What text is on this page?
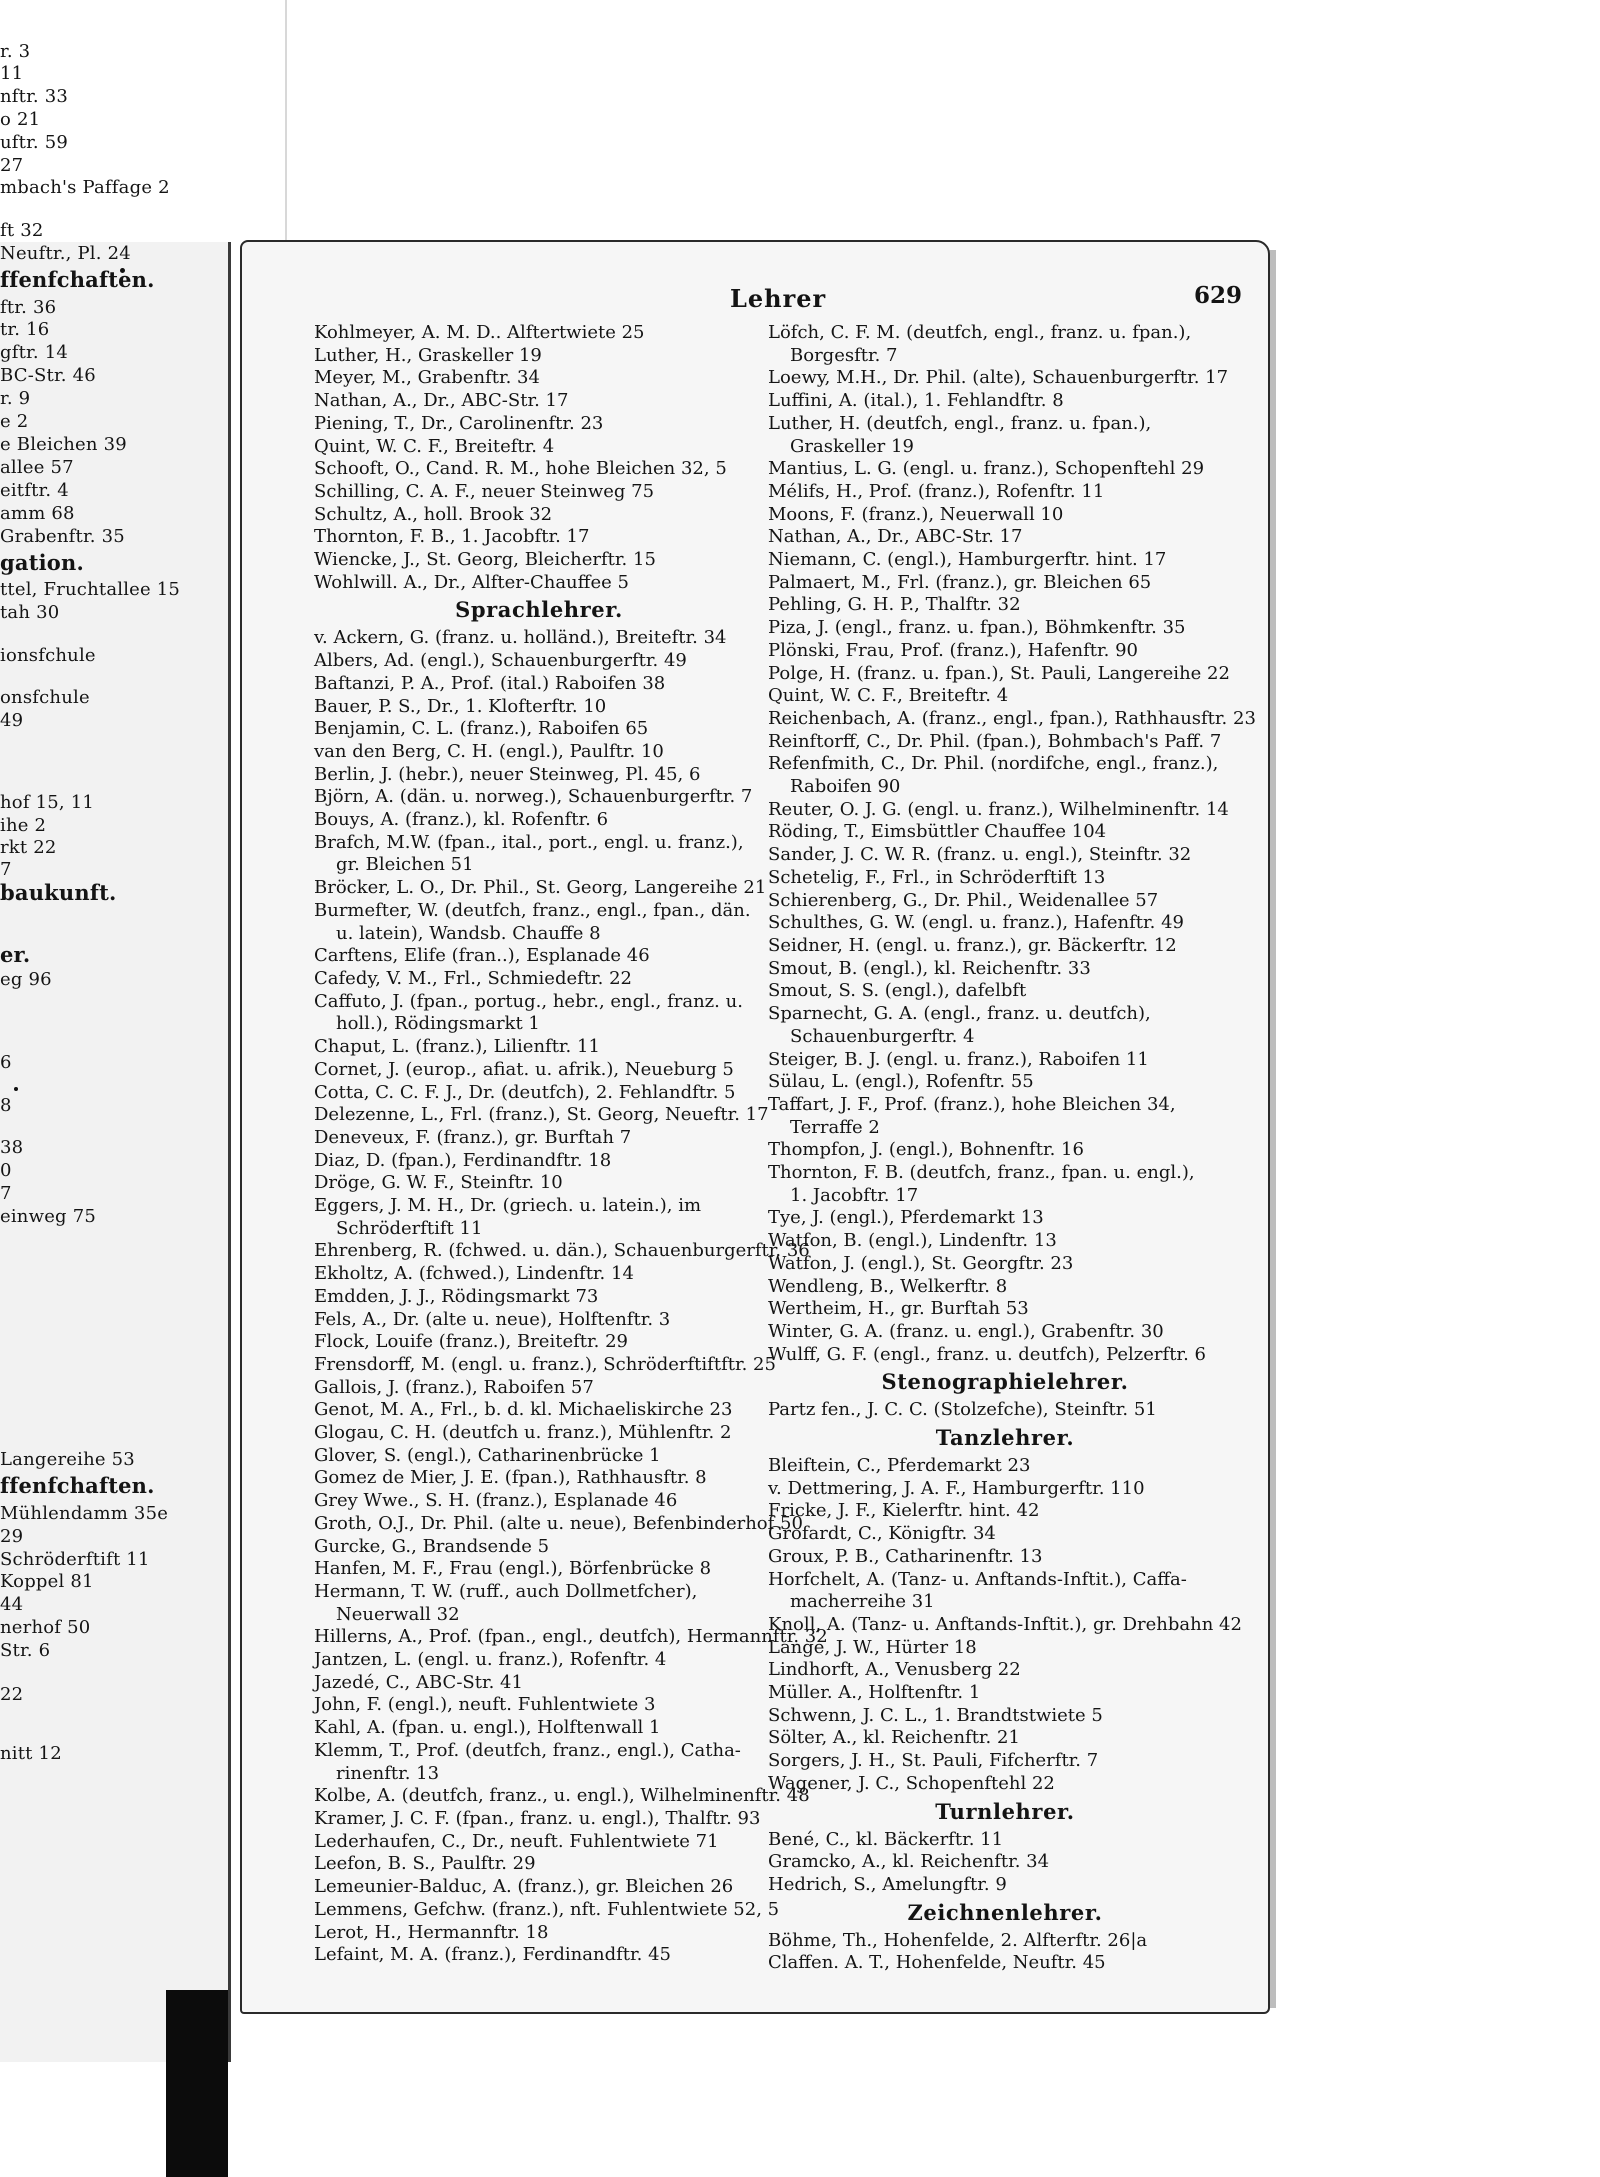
r. 3
11
nftr. 33
o 21
uftr. 59
27
mbach's Paffage 2
ft 32
Neuftr., Pl. 24
ffenfchaften.
ftr. 36
tr. 16
gftr. 14
BC-Str. 46
r. 9
e 2
e Bleichen 39
allee 57
eitftr. 4
amm 68
Grabenftr. 35
gation.
ttel, Fruchtallee 15
tah 30
ionsfchule
onsfchule
49
hof 15, 11
ihe 2
rkt 22
7
baukunft.
er.
eg 96
6
8
38
0
7
einweg 75
Langereihe 53
ffenfchaften.
Mühlendamm 35e
29
Schröderftift 11
Koppel 81
44
nerhof 50
Str. 6
22
nitt 12
Lehrer	629
Kohlmeyer, A. M. D.. Alftertwiete 25
Luther, H., Graskeller 19
Meyer, M., Grabenftr. 34
Nathan, A., Dr., ABC-Str. 17
Piening, T., Dr., Carolinenftr. 23
Quint, W. C. F., Breiteftr. 4
Schooft, O., Cand. R. M., hohe Bleichen 32, 5
Schilling, C. A. F., neuer Steinweg 75
Schultz, A., holl. Brook 32
Thornton, F. B., 1. Jacobftr. 17
Wiencke, J., St. Georg, Bleicherftr. 15
Wohlwill. A., Dr., Alfter-Chauffee 5
Sprachlehrer.
v. Ackern, G. (franz. u. holländ.), Breiteftr. 34
Albers, Ad. (engl.), Schauenburgerftr. 49
Baftanzi, P. A., Prof. (ital.) Raboifen 38
Bauer, P. S., Dr., 1. Klofterftr. 10
Benjamin, C. L. (franz.), Raboifen 65
van den Berg, C. H. (engl.), Paulftr. 10
Berlin, J. (hebr.), neuer Steinweg, Pl. 45, 6
Björn, A. (dän. u. norweg.), Schauenburgerftr. 7
Bouys, A. (franz.), kl. Rofenftr. 6
Brafch, M.W. (fpan., ital., port., engl. u. franz.),
gr. Bleichen 51
Bröcker, L. O., Dr. Phil., St. Georg, Langereihe 21
Burmefter, W. (deutfch, franz., engl., fpan., dän.
u. latein), Wandsb. Chauffe 8
Carftens, Elife (fran..), Esplanade 46
Cafedy, V. M., Frl., Schmiedeftr. 22
Caffuto, J. (fpan., portug., hebr., engl., franz. u.
holl.), Rödingsmarkt 1
Chaput, L. (franz.), Lilienftr. 11
Cornet, J. (europ., afiat. u. afrik.), Neueburg 5
Cotta, C. C. F. J., Dr. (deutfch), 2. Fehlandftr. 5
Delezenne, L., Frl. (franz.), St. Georg, Neueftr. 17
Deneveux, F. (franz.), gr. Burftah 7
Diaz, D. (fpan.), Ferdinandftr. 18
Dröge, G. W. F., Steinftr. 10
Eggers, J. M. H., Dr. (griech. u. latein.), im
Schröderftift 11
Ehrenberg, R. (fchwed. u. dän.), Schauenburgerftr. 36
Ekholtz, A. (fchwed.), Lindenftr. 14
Emdden, J. J., Rödingsmarkt 73
Fels, A., Dr. (alte u. neue), Holftenftr. 3
Flock, Louife (franz.), Breiteftr. 29
Frensdorff, M. (engl. u. franz.), Schröderftiftftr. 25
Gallois, J. (franz.), Raboifen 57
Genot, M. A., Frl., b. d. kl. Michaeliskirche 23
Glogau, C. H. (deutfch u. franz.), Mühlenftr. 2
Glover, S. (engl.), Catharinenbrücke 1
Gomez de Mier, J. E. (fpan.), Rathhausftr. 8
Grey Wwe., S. H. (franz.), Esplanade 46
Groth, O.J., Dr. Phil. (alte u. neue), Befenbinderhof 50
Gurcke, G., Brandsende 5
Hanfen, M. F., Frau (engl.), Börfenbrücke 8
Hermann, T. W. (ruff., auch Dollmetfcher),
Neuerwall 32
Hillerns, A., Prof. (fpan., engl., deutfch), Hermannftr. 32
Jantzen, L. (engl. u. franz.), Rofenftr. 4
Jazedé, C., ABC-Str. 41
John, F. (engl.), neuft. Fuhlentwiete 3
Kahl, A. (fpan. u. engl.), Holftenwall 1
Klemm, T., Prof. (deutfch, franz., engl.), Catha-
rinenftr. 13
Kolbe, A. (deutfch, franz., u. engl.), Wilhelminenftr. 48
Kramer, J. C. F. (fpan., franz. u. engl.), Thalftr. 93
Lederhaufen, C., Dr., neuft. Fuhlentwiete 71
Leefon, B. S., Paulftr. 29
Lemeunier-Balduc, A. (franz.), gr. Bleichen 26
Lemmens, Gefchw. (franz.), nft. Fuhlentwiete 52, 5
Lerot, H., Hermannftr. 18
Lefaint, M. A. (franz.), Ferdinandftr. 45
Löfch, C. F. M. (deutfch, engl., franz. u. fpan.),
Borgesftr. 7
Loewy, M.H., Dr. Phil. (alte), Schauenburgerftr. 17
Luffini, A. (ital.), 1. Fehlandftr. 8
Luther, H. (deutfch, engl., franz. u. fpan.),
Graskeller 19
Mantius, L. G. (engl. u. franz.), Schopenftehl 29
Mélifs, H., Prof. (franz.), Rofenftr. 11
Moons, F. (franz.), Neuerwall 10
Nathan, A., Dr., ABC-Str. 17
Niemann, C. (engl.), Hamburgerftr. hint. 17
Palmaert, M., Frl. (franz.), gr. Bleichen 65
Pehling, G. H. P., Thalftr. 32
Piza, J. (engl., franz. u. fpan.), Böhmkenftr. 35
Plönski, Frau, Prof. (franz.), Hafenftr. 90
Polge, H. (franz. u. fpan.), St. Pauli, Langereihe 22
Quint, W. C. F., Breiteftr. 4
Reichenbach, A. (franz., engl., fpan.), Rathhausftr. 23
Reinftorff, C., Dr. Phil. (fpan.), Bohmbach's Paff. 7
Refenfmith, C., Dr. Phil. (nordifche, engl., franz.),
Raboifen 90
Reuter, O. J. G. (engl. u. franz.), Wilhelminenftr. 14
Röding, T., Eimsbüttler Chauffee 104
Sander, J. C. W. R. (franz. u. engl.), Steinftr. 32
Schetelig, F., Frl., in Schröderftift 13
Schierenberg, G., Dr. Phil., Weidenallee 57
Schulthes, G. W. (engl. u. franz.), Hafenftr. 49
Seidner, H. (engl. u. franz.), gr. Bäckerftr. 12
Smout, B. (engl.), kl. Reichenftr. 33
Smout, S. S. (engl.), dafelbft
Sparnecht, G. A. (engl., franz. u. deutfch),
Schauenburgerftr. 4
Steiger, B. J. (engl. u. franz.), Raboifen 11
Sülau, L. (engl.), Rofenftr. 55
Taffart, J. F., Prof. (franz.), hohe Bleichen 34,
Terraffe 2
Thompfon, J. (engl.), Bohnenftr. 16
Thornton, F. B. (deutfch, franz., fpan. u. engl.),
1. Jacobftr. 17
Tye, J. (engl.), Pferdemarkt 13
Watfon, B. (engl.), Lindenftr. 13
Watfon, J. (engl.), St. Georgftr. 23
Wendleng, B., Welkerftr. 8
Wertheim, H., gr. Burftah 53
Winter, G. A. (franz. u. engl.), Grabenftr. 30
Wulff, G. F. (engl., franz. u. deutfch), Pelzerftr. 6
Stenographielehrer.
Partz fen., J. C. C. (Stolzefche), Steinftr. 51
Tanzlehrer.
Bleiftein, C., Pferdemarkt 23
v. Dettmering, J. A. F., Hamburgerftr. 110
Fricke, J. F., Kielerftr. hint. 42
Grofardt, C., Königftr. 34
Groux, P. B., Catharinenftr. 13
Horfchelt, A. (Tanz- u. Anftands-Inftit.), Caffa-
macherreihe 31
Knoll, A. (Tanz- u. Anftands-Inftit.), gr. Drehbahn 42
Lange, J. W., Hürter 18
Lindhorft, A., Venusberg 22
Müller. A., Holftenftr. 1
Schwenn, J. C. L., 1. Brandtstwiete 5
Sölter, A., kl. Reichenftr. 21
Sorgers, J. H., St. Pauli, Fifcherftr. 7
Wagener, J. C., Schopenftehl 22
Turnlehrer.
Bené, C., kl. Bäckerftr. 11
Gramcko, A., kl. Reichenftr. 34
Hedrich, S., Amelungftr. 9
Zeichnenlehrer.
Böhme, Th., Hohenfelde, 2. Alfterftr. 26|a
Claffen. A. T., Hohenfelde, Neuftr. 45
